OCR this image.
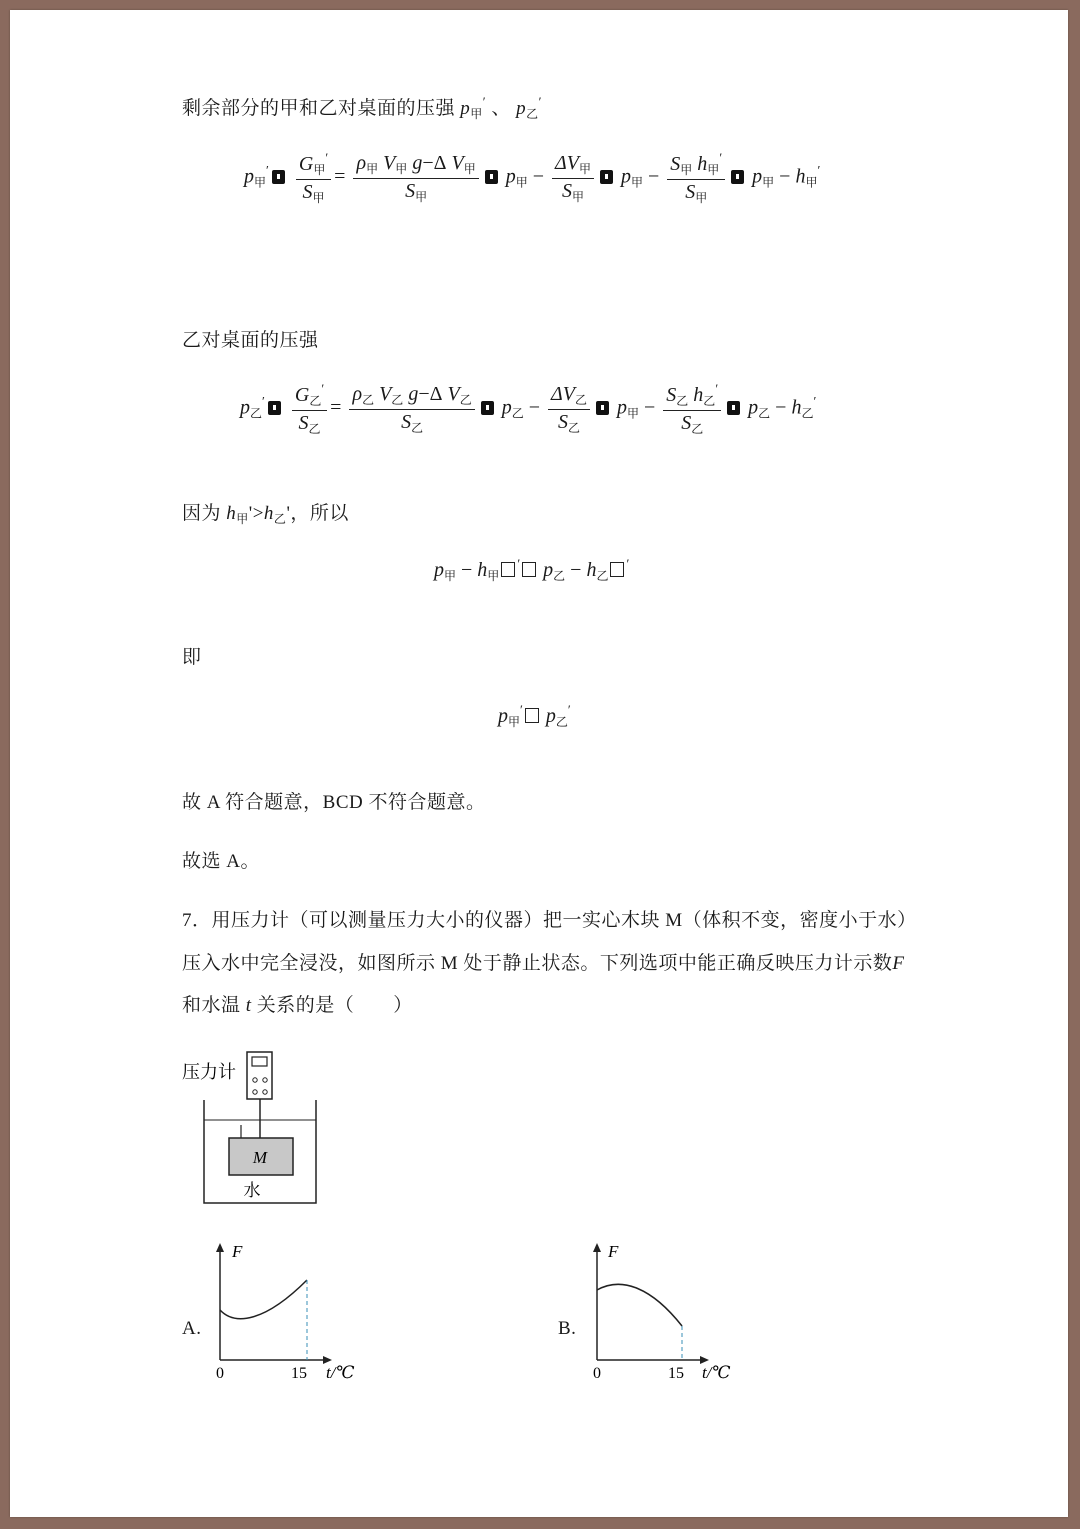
剩余部分的甲和乙对桌面的压强 $p_甲'$ 、 $p_乙'$
$p_甲' \frac{G_甲'}{S_甲} = \frac{\rho_甲 V_甲 g-\Delta V_甲}{S_甲} p_甲 - \frac{\Delta V_甲}{S_甲} p_甲 - \frac{S_甲 h_甲'}{S_甲} p_甲 - h_甲'$
乙对桌面的压强
$p_乙' \frac{G_乙'}{S_乙} = \frac{\rho_乙 V_乙 g-\Delta V_乙}{S_乙} p_乙 - \frac{\Delta V_乙}{S_乙} p_甲 - \frac{S_乙 h_乙'}{S_乙} p_乙 - h_乙'$
因为 $h_甲'>h_乙'$，所以
$p_甲 - h_甲'$ $p_乙 - h_乙'$
即
$p_甲'$ $p_乙'$
故 A 符合题意，BCD 不符合题意。
故选 A。
7．用压力计（可以测量压力大小的仪器）把一实心木块 M（体积不变，密度小于水）
压入水中完全浸没，如图所示 M 处于静止状态。下列选项中能正确反映压力计示数F
和水温 t 关系的是（　　）
压力计
M
水
A.
F
0	15 t/℃
B.
F
0	15 t/℃
